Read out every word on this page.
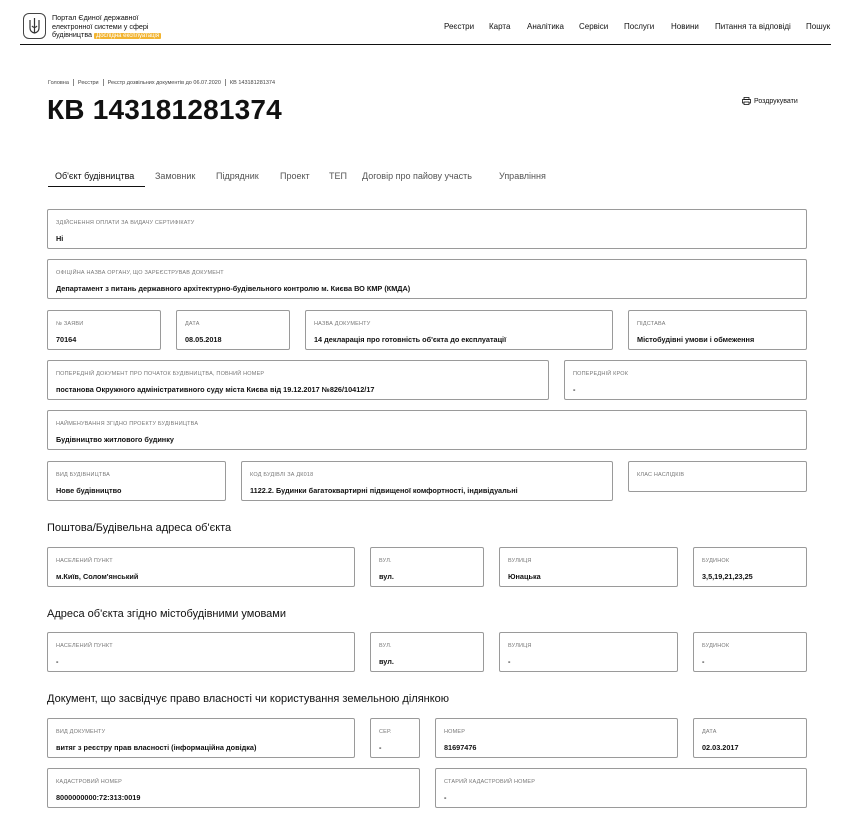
Портал Єдиної державної
електронної системи у сфері
будівництва Дослідна експлуатація
Реєстри Карта Аналітика Сервіси Послуги Новини Питання та відповіді Пошук
Головна Реєстри Реєстр дозвільних документів до 06.07.2020 КВ 143181281374
КВ 143181281374	Роздрукувати
Об'єкт будівництва Замовник Підрядник Проект ТЕП Договір про пайову участь	Управління
ЗДІЙСНЕННЯ ОПЛАТИ ЗА ВИДАЧУ СЕРТИФІКАТУ
Ні
ОФІЦІЙНА НАЗВА ОРГАНУ, ЩО ЗАРЕЄСТРУВАВ ДОКУМЕНТ
Департамент з питань державного архітектурно-будівельного контролю м. Києва ВО КМР (КМДА)
№ ЗАЯВИ
70164
ДАТА
08.05.2018
НАЗВА ДОКУМЕНТУ
14 декларація про готовність об'єкта до експлуатації
ПІДСТАВА
Містобудівні умови і обмеження
ПОПЕРЕДНІЙ ДОКУМЕНТ ПРО ПОЧАТОК БУДІВНИЦТВА, ПОВНИЙ НОМЕР
постанова Окружного адміністративного суду міста Києва від 19.12.2017 №826/10412/17
ПОПЕРЕДНІЙ КРОК
-
НАЙМЕНУВАННЯ ЗГІДНО ПРОЕКТУ БУДІВНИЦТВА
Будівництво житлового будинку
ВИД БУДІВНИЦТВА
Нове будівництво
КОД БУДІВЛІ ЗА ДК018
1122.2. Будинки багатоквартирні підвищеної комфортності, індивідуальні
КЛАС НАСЛІДКІВ
Поштова/Будівельна адреса об'єкта
НАСЕЛЕНИЙ ПУНКТ
м.Київ, Солом'янський
ВУЛ.
вул.
ВУЛИЦЯ
Юнацька
БУДИНОК
3,5,19,21,23,25
Адреса об'єкта згідно містобудівними умовами
НАСЕЛЕНИЙ ПУНКТ
-
ВУЛ.
вул.
ВУЛИЦЯ
-
БУДИНОК
-
Документ, що засвідчує право власності чи користування земельною ділянкою
ВИД ДОКУМЕНТУ
витяг з реєстру прав власності (інформаційна довідка)
СЕР.
-
НОМЕР
81697476
ДАТА
02.03.2017
КАДАСТРОВИЙ НОМЕР
8000000000:72:313:0019
СТАРИЙ КАДАСТРОВИЙ НОМЕР
-
